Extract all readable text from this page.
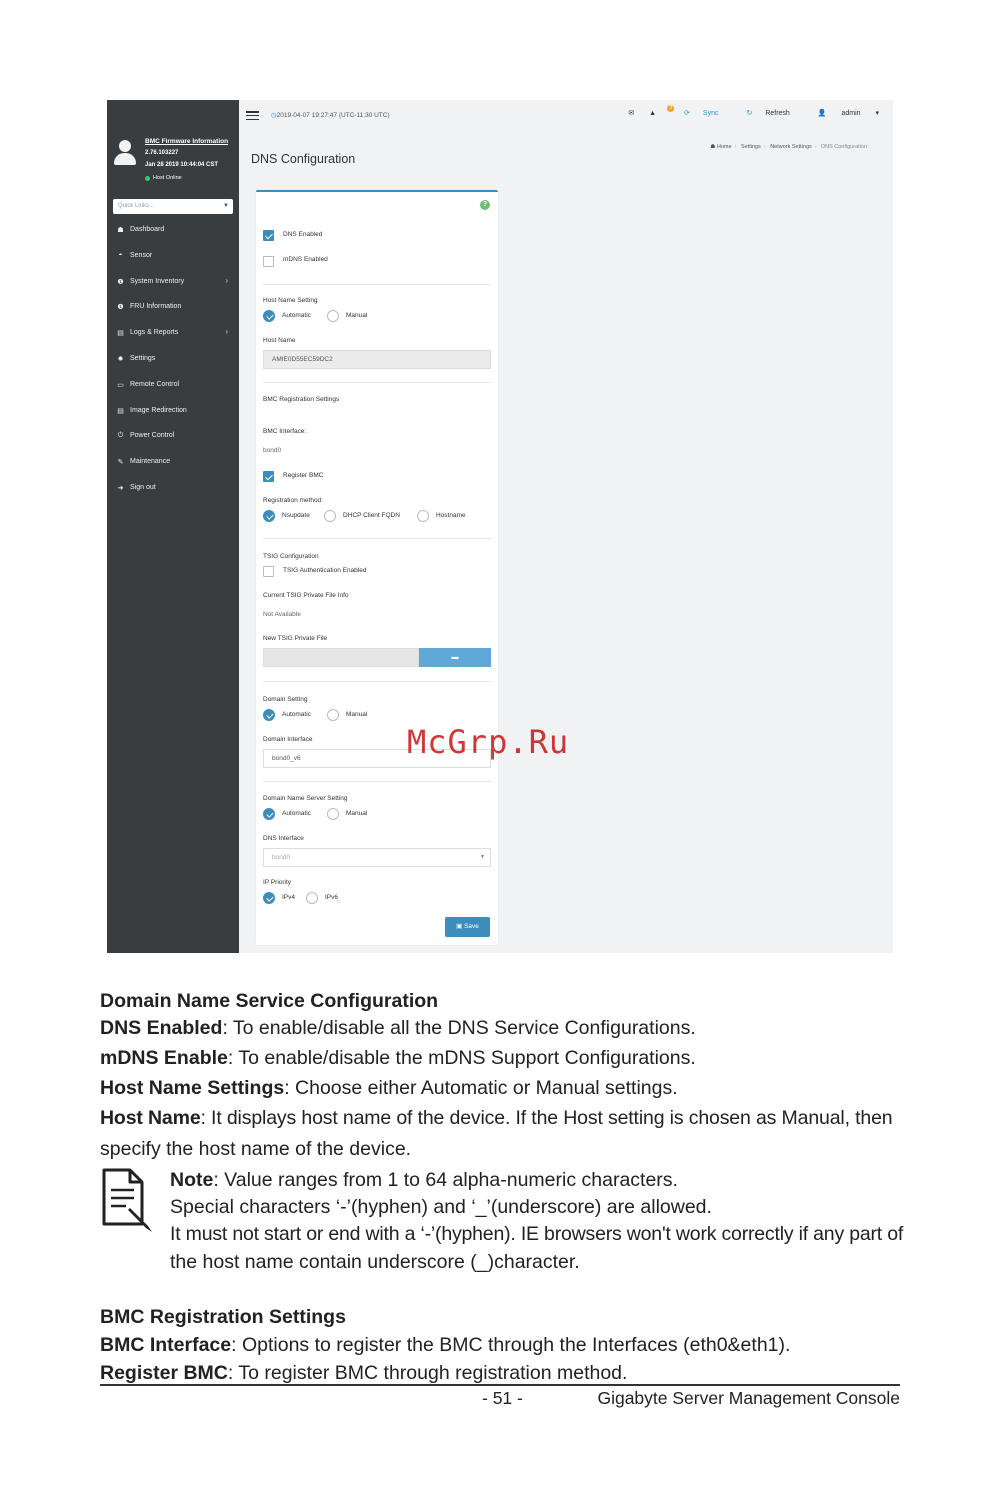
BMC Firmware Information
2.76.103227
Jan 28 2019 10:44:04 CST
Host Online
Quick Links...	▼
☗ Dashboard
◓	Sensor
❶ System Inventory	›
❶ FRU Information
▤ Logs & Reports	›
✹ Settings
▭ Remote Control
▤ Image Redirection
⏻ Power Control
✎ Maintenance
➜ Sign out
◷2019-04-07 19:27:47 (UTC-11:30 UTC)	✉ ▲
3
⟳ Sync	↻ Refresh	👤 admin ▾
DNS Configuration
☗ Home › Settings › Network Settings › DNS Configuration
?
DNS Enabled
mDNS Enabled
Host Name Setting
Automatic	Manual
Host Name
AMIE0D55EC59DC2
BMC Registration Settings
BMC Interface:
bond0
Register BMC
Registration method:
Nsupdate	DHCP Client FQDN	Hostname
TSIG Configuration
TSIG Authentication Enabled
Current TSIG Private File Info
Not Available
New TSIG Private File
▬
Domain Setting
Automatic	Manual
Domain Interface
bond0_v6
Domain Name Server Setting
Automatic	Manual
DNS Interface
bond0	▼
IP Priority
IPv4	IPv6
▣ Save
McGrp.Ru
Domain Name Service Configuration
DNS Enabled: To enable/disable all the DNS Service Configurations.
mDNS Enable: To enable/disable the mDNS Support Configurations.
Host Name Settings: Choose either Automatic or Manual settings.
Host Name: It displays host name of the device. If the Host setting is chosen as Manual, then
specify the host name of the device.
Note: Value ranges from 1 to 64 alpha-numeric characters.
Special characters ‘-’(hyphen) and ‘_’(underscore) are allowed.
It must not start or end with a ‘-’(hyphen). IE browsers won't work correctly if any part of
the host name contain underscore (_)character.
BMC Registration Settings
BMC Interface: Options to register the BMC through the Interfaces (eth0&eth1).
Register BMC: To register BMC through registration method.
- 51 -	Gigabyte Server Management Console
